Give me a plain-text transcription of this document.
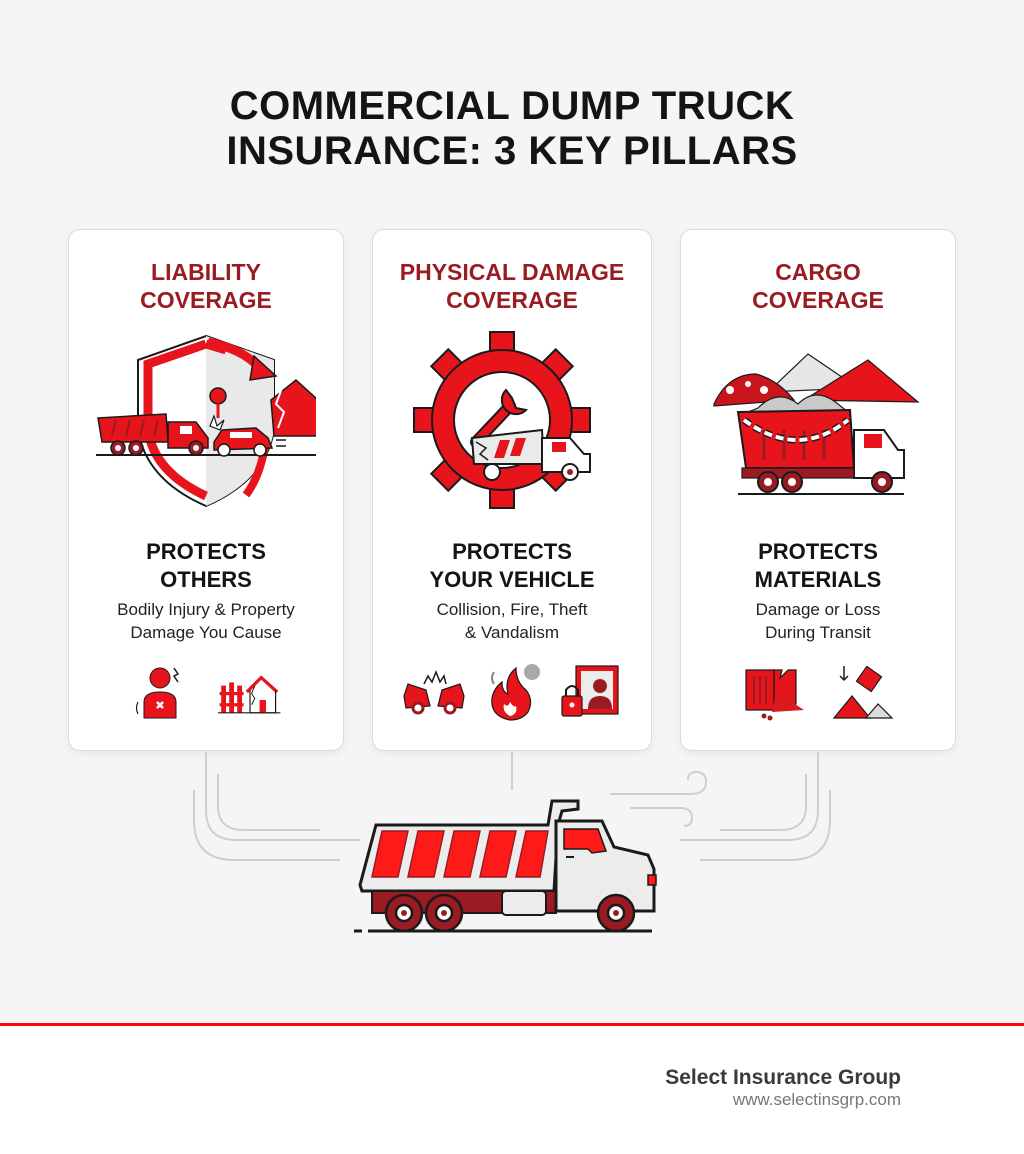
COMMERCIAL DUMP TRUCK
INSURANCE: 3 KEY PILLARS
LIABILITY
COVERAGE
PROTECTS
OTHERS
Bodily Injury & Property
Damage You Cause
PHYSICAL DAMAGE
COVERAGE
PROTECTS
YOUR VEHICLE
Collision, Fire, Theft
& Vandalism
CARGO
COVERAGE
PROTECTS
MATERIALS
Damage or Loss
During Transit
Select Insurance Group
www.selectinsgrp.com
